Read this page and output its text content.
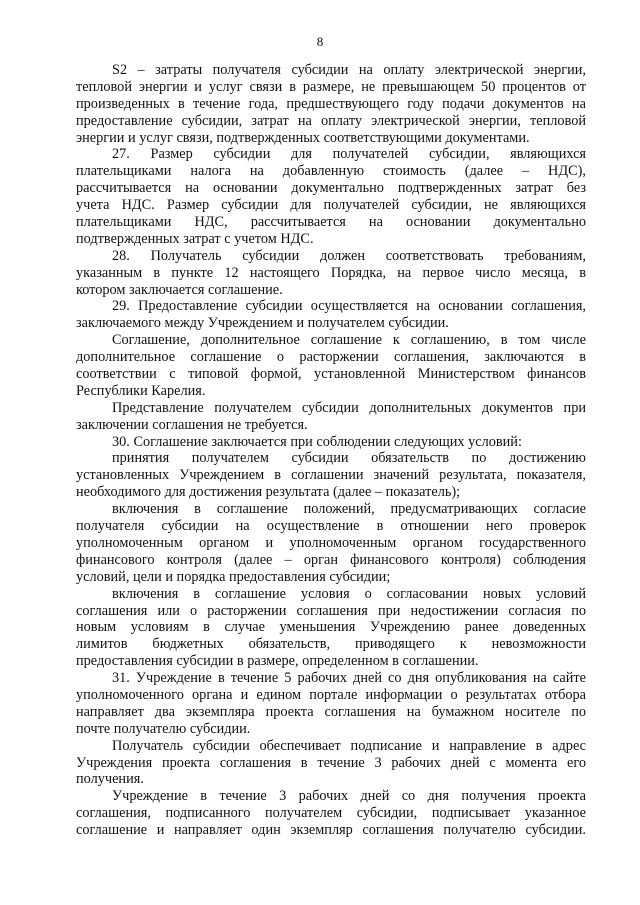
8
S2 – затраты получателя субсидии на оплату электрической энергии,
тепловой энергии и услуг связи в размере, не превышающем 50 процентов от
произведенных в течение года, предшествующего году подачи документов на
предоставление субсидии, затрат на оплату электрической энергии, тепловой
энергии и услуг связи, подтвержденных соответствующими документами.
27. Размер субсидии для получателей субсидии, являющихся
плательщиками налога на добавленную стоимость (далее – НДС),
рассчитывается на основании документально подтвержденных затрат без
учета НДС. Размер субсидии для получателей субсидии, не являющихся
плательщиками НДС, рассчитывается на основании документально
подтвержденных затрат с учетом НДС.
28. Получатель субсидии должен соответствовать требованиям,
указанным в пункте 12 настоящего Порядка, на первое число месяца, в
котором заключается соглашение.
29. Предоставление субсидии осуществляется на основании соглашения,
заключаемого между Учреждением и получателем субсидии.
Соглашение, дополнительное соглашение к соглашению, в том числе
дополнительное соглашение о расторжении соглашения, заключаются в
соответствии с типовой формой, установленной Министерством финансов
Республики Карелия.
Представление получателем субсидии дополнительных документов при
заключении соглашения не требуется.
30. Соглашение заключается при соблюдении следующих условий:
принятия получателем субсидии обязательств по достижению
установленных Учреждением в соглашении значений результата, показателя,
необходимого для достижения результата (далее – показатель);
включения в соглашение положений, предусматривающих согласие
получателя субсидии на осуществление в отношении него проверок
уполномоченным органом и уполномоченным органом государственного
финансового контроля (далее – орган финансового контроля) соблюдения
условий, цели и порядка предоставления субсидии;
включения в соглашение условия о согласовании новых условий
соглашения или о расторжении соглашения при недостижении согласия по
новым условиям в случае уменьшения Учреждению ранее доведенных
лимитов бюджетных обязательств, приводящего к невозможности
предоставления субсидии в размере, определенном в соглашении.
31. Учреждение в течение 5 рабочих дней со дня опубликования на сайте
уполномоченного органа и едином портале информации о результатах отбора
направляет два экземпляра проекта соглашения на бумажном носителе по
почте получателю субсидии.
Получатель субсидии обеспечивает подписание и направление в адрес
Учреждения проекта соглашения в течение 3 рабочих дней с момента его
получения.
Учреждение в течение 3 рабочих дней со дня получения проекта
соглашения, подписанного получателем субсидии, подписывает указанное
соглашение и направляет один экземпляр соглашения получателю субсидии.
